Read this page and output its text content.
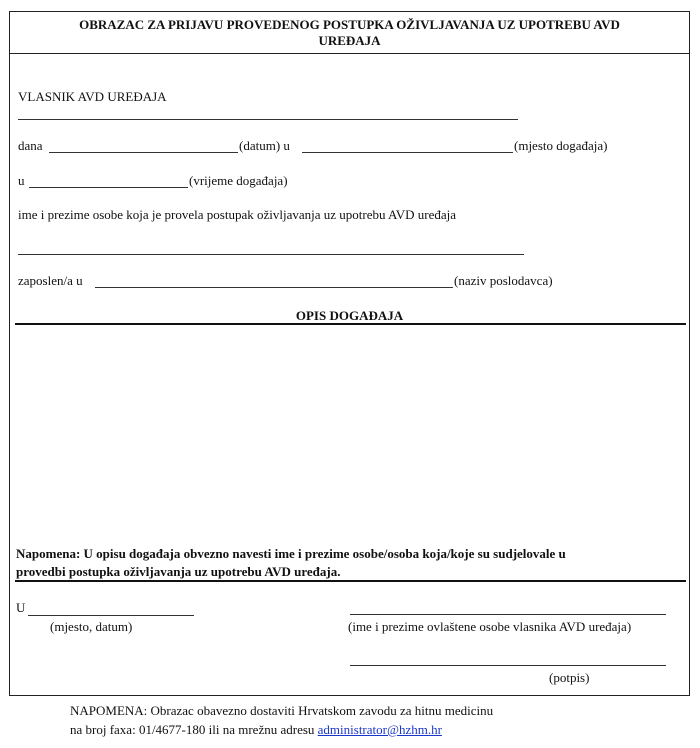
OBRAZAC ZA PRIJAVU PROVEDENOG POSTUPKA OŽIVLJAVANJA UZ UPOTREBU AVD
UREĐAJA
VLASNIK AVD UREĐAJA
dana	(datum) u	(mjesto događaja)
u	(vrijeme događaja)
ime i prezime osobe koja je provela postupak oživljavanja uz upotrebu AVD uređaja
zaposlen/a u	(naziv poslodavca)
OPIS DOGAĐAJA
Napomena: U opisu događaja obvezno navesti ime i prezime osobe/osoba koja/koje su sudjelovale u
provedbi postupka oživljavanja uz upotrebu AVD uređaja.
U
(mjesto, datum)	(ime i prezime ovlaštene osobe vlasnika AVD uređaja)
(potpis)
NAPOMENA: Obrazac obavezno dostaviti Hrvatskom zavodu za hitnu medicinu
na broj faxa: 01/4677-180 ili na mrežnu adresu administrator@hzhm.hr
